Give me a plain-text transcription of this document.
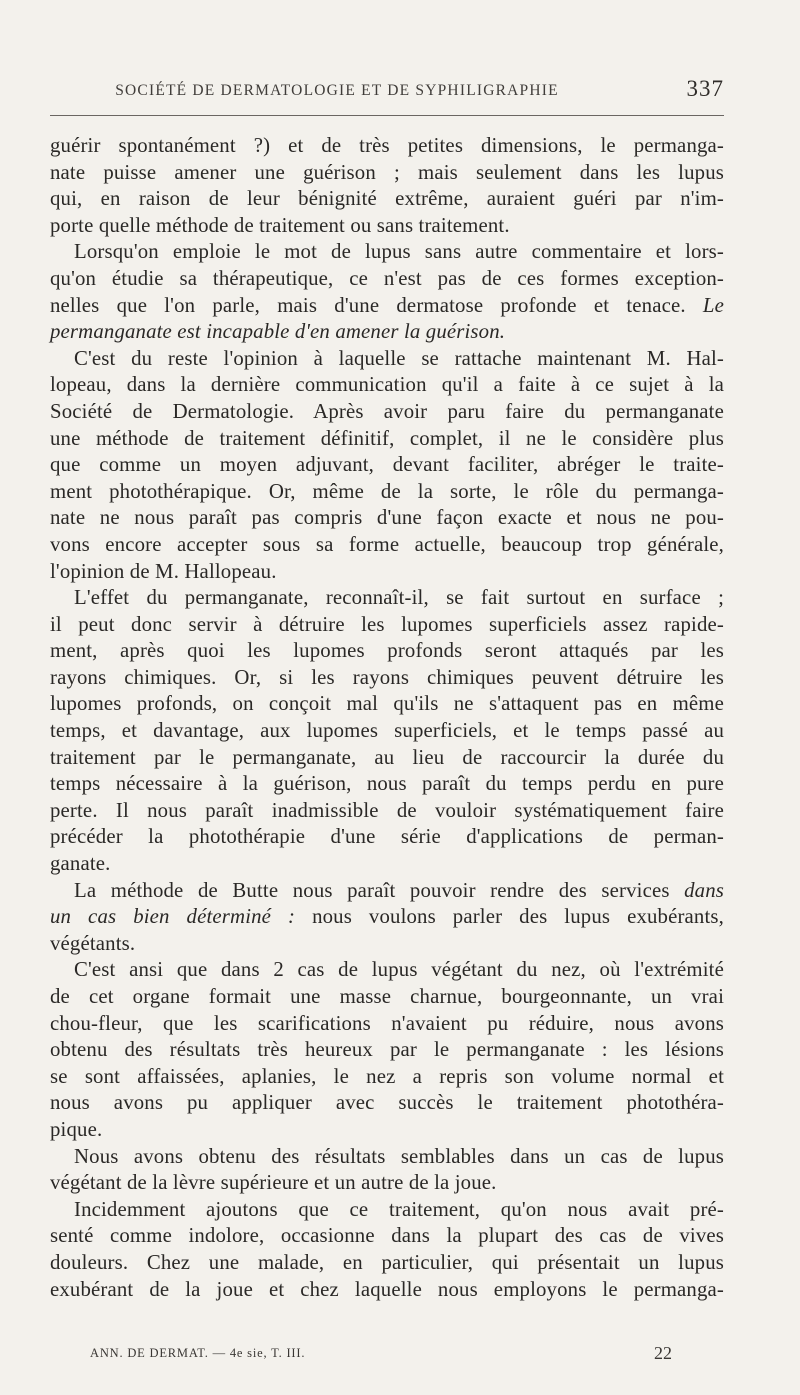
SOCIÉTÉ DE DERMATOLOGIE ET DE SYPHILIGRAPHIE	337
guérir spontanément ?) et de très petites dimensions, le permanga-
nate puisse amener une guérison ; mais seulement dans les lupus
qui, en raison de leur bénignité extrême, auraient guéri par n'im-
porte quelle méthode de traitement ou sans traitement.
Lorsqu'on emploie le mot de lupus sans autre commentaire et lors-
qu'on étudie sa thérapeutique, ce n'est pas de ces formes exception-
nelles que l'on parle, mais d'une dermatose profonde et tenace. Le
permanganate est incapable d'en amener la guérison.
C'est du reste l'opinion à laquelle se rattache maintenant M. Hal-
lopeau, dans la dernière communication qu'il a faite à ce sujet à la
Société de Dermatologie. Après avoir paru faire du permanganate
une méthode de traitement définitif, complet, il ne le considère plus
que comme un moyen adjuvant, devant faciliter, abréger le traite-
ment photothérapique. Or, même de la sorte, le rôle du permanga-
nate ne nous paraît pas compris d'une façon exacte et nous ne pou-
vons encore accepter sous sa forme actuelle, beaucoup trop générale,
l'opinion de M. Hallopeau.
L'effet du permanganate, reconnaît-il, se fait surtout en surface ;
il peut donc servir à détruire les lupomes superficiels assez rapide-
ment, après quoi les lupomes profonds seront attaqués par les
rayons chimiques. Or, si les rayons chimiques peuvent détruire les
lupomes profonds, on conçoit mal qu'ils ne s'attaquent pas en même
temps, et davantage, aux lupomes superficiels, et le temps passé au
traitement par le permanganate, au lieu de raccourcir la durée du
temps nécessaire à la guérison, nous paraît du temps perdu en pure
perte. Il nous paraît inadmissible de vouloir systématiquement faire
précéder la photothérapie d'une série d'applications de perman-
ganate.
La méthode de Butte nous paraît pouvoir rendre des services dans
un cas bien déterminé : nous voulons parler des lupus exubérants,
végétants.
C'est ansi que dans 2 cas de lupus végétant du nez, où l'extrémité
de cet organe formait une masse charnue, bourgeonnante, un vrai
chou-fleur, que les scarifications n'avaient pu réduire, nous avons
obtenu des résultats très heureux par le permanganate : les lésions
se sont affaissées, aplanies, le nez a repris son volume normal et
nous avons pu appliquer avec succès le traitement photothéra-
pique.
Nous avons obtenu des résultats semblables dans un cas de lupus
végétant de la lèvre supérieure et un autre de la joue.
Incidemment ajoutons que ce traitement, qu'on nous avait pré-
senté comme indolore, occasionne dans la plupart des cas de vives
douleurs. Chez une malade, en particulier, qui présentait un lupus
exubérant de la joue et chez laquelle nous employons le permanga-
ANN. DE DERMAT. — 4e sie, T. III.	22
